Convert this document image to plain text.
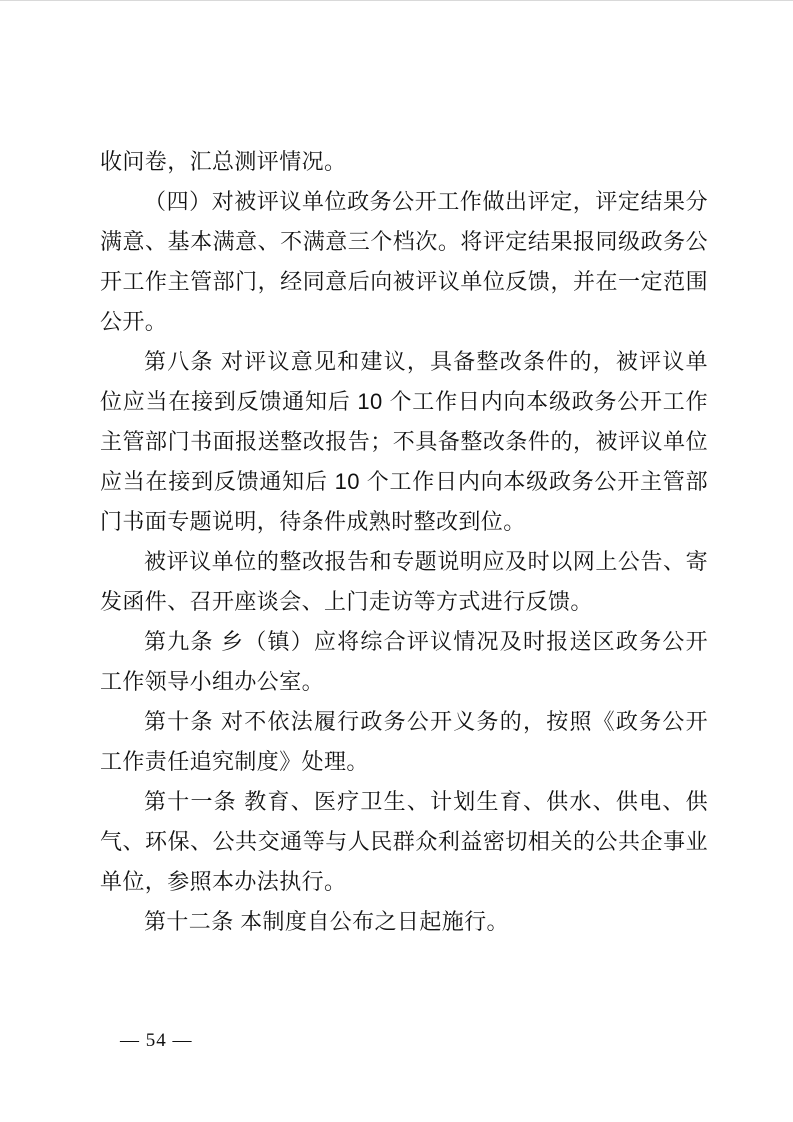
收问卷，汇总测评情况。

（四）对被评议单位政务公开工作做出评定，评定结果分满意、基本满意、不满意三个档次。将评定结果报同级政务公开工作主管部门，经同意后向被评议单位反馈，并在一定范围公开。

第八条 对评议意见和建议，具备整改条件的，被评议单位应当在接到反馈通知后 10 个工作日内向本级政务公开工作主管部门书面报送整改报告；不具备整改条件的，被评议单位应当在接到反馈通知后 10 个工作日内向本级政务公开主管部门书面专题说明，待条件成熟时整改到位。

被评议单位的整改报告和专题说明应及时以网上公告、寄发函件、召开座谈会、上门走访等方式进行反馈。

第九条 乡（镇）应将综合评议情况及时报送区政务公开工作领导小组办公室。

第十条 对不依法履行政务公开义务的，按照《政务公开工作责任追究制度》处理。

第十一条 教育、医疗卫生、计划生育、供水、供电、供气、环保、公共交通等与人民群众利益密切相关的公共企事业单位，参照本办法执行。

第十二条 本制度自公布之日起施行。

— 54 —
